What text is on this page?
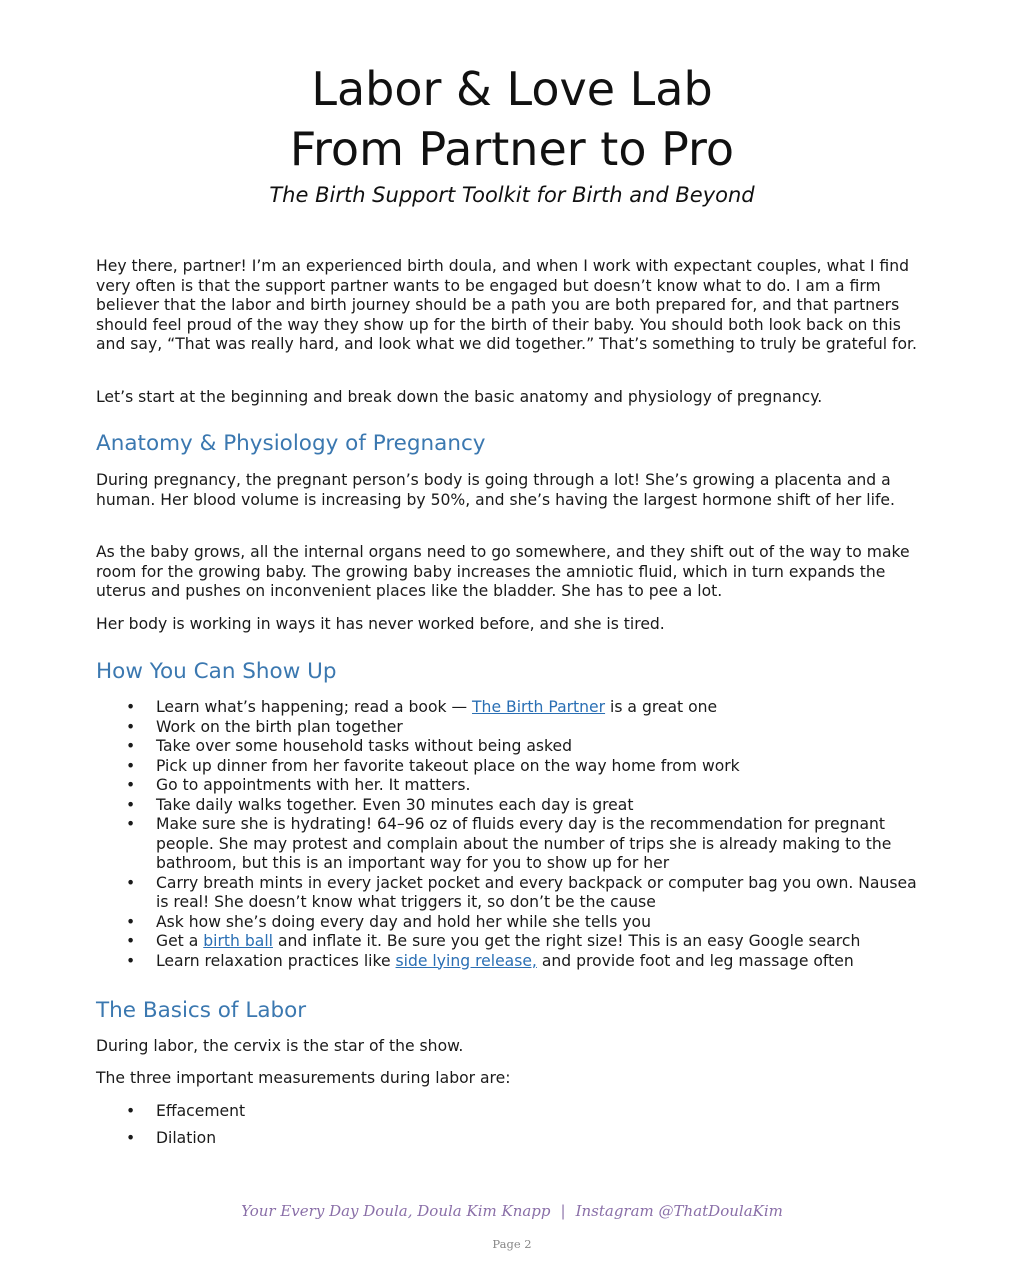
Labor & Love Lab
From Partner to Pro

The Birth Support Toolkit for Birth and Beyond

Hey there, partner! I’m an experienced birth doula, and when I work with expectant couples, what I find very often is that the support partner wants to be engaged but doesn’t know what to do. I am a firm believer that the labor and birth journey should be a path you are both prepared for, and that partners should feel proud of the way they show up for the birth of their baby. You should both look back on this and say, “That was really hard, and look what we did together.” That’s something to truly be grateful for.

Let’s start at the beginning and break down the basic anatomy and physiology of pregnancy.

Anatomy & Physiology of Pregnancy

During pregnancy, the pregnant person’s body is going through a lot! She’s growing a placenta and a human. Her blood volume is increasing by 50%, and she’s having the largest hormone shift of her life.

As the baby grows, all the internal organs need to go somewhere, and they shift out of the way to make room for the growing baby. The growing baby increases the amniotic fluid, which in turn expands the uterus and pushes on inconvenient places like the bladder. She has to pee a lot.

Her body is working in ways it has never worked before, and she is tired.

How You Can Show Up
• Learn what’s happening; read a book — The Birth Partner is a great one
• Work on the birth plan together
• Take over some household tasks without being asked
• Pick up dinner from her favorite takeout place on the way home from work
• Go to appointments with her. It matters.
• Take daily walks together. Even 30 minutes each day is great
• Make sure she is hydrating! 64–96 oz of fluids every day is the recommendation for pregnant people. She may protest and complain about the number of trips she is already making to the bathroom, but this is an important way for you to show up for her
• Carry breath mints in every jacket pocket and every backpack or computer bag you own. Nausea is real! She doesn’t know what triggers it, so don’t be the cause
• Ask how she’s doing every day and hold her while she tells you
• Get a birth ball and inflate it. Be sure you get the right size! This is an easy Google search
• Learn relaxation practices like side lying release, and provide foot and leg massage often
The Basics of Labor

During labor, the cervix is the star of the show.

The three important measurements during labor are:

• Effacement
• Dilation
Your Every Day Doula, Doula Kim Knapp | Instagram @ThatDoulaKim
Page 2
